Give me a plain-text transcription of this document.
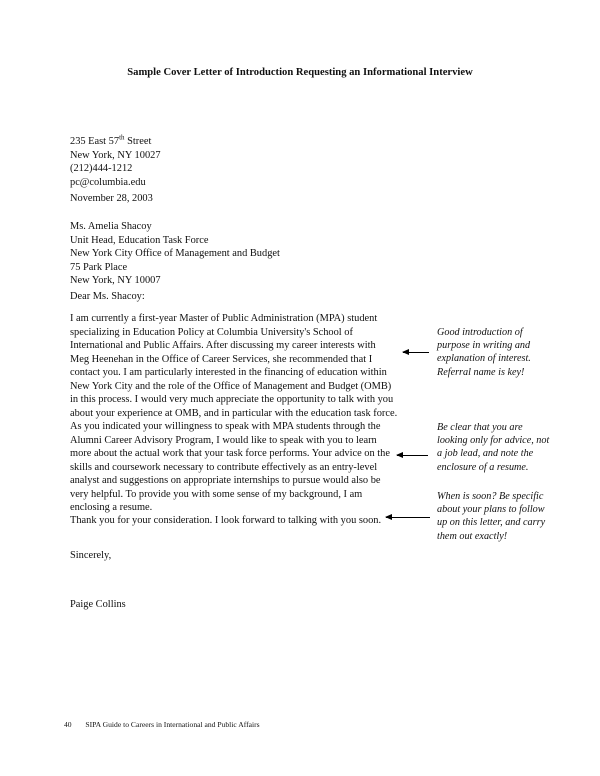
Sample Cover Letter of Introduction Requesting an Informational Interview
235 East 57th Street
New York, NY 10027
(212)444-1212
pc@columbia.edu
November 28, 2003
Ms. Amelia Shacoy
Unit Head, Education Task Force
New York City Office of Management and Budget
75 Park Place
New York, NY 10007
Dear Ms. Shacoy:
I am currently a first-year Master of Public Administration (MPA) student
specializing in Education Policy at Columbia University's School of
International and Public Affairs. After discussing my career interests with
Meg Heenehan in the Office of Career Services, she recommended that I
contact you. I am particularly interested in the financing of education within
New York City and the role of the Office of Management and Budget (OMB)
in this process. I would very much appreciate the opportunity to talk with you
about your experience at OMB, and in particular with the education task force.
As you indicated your willingness to speak with MPA students through the
Alumni Career Advisory Program, I would like to speak with you to learn
more about the actual work that your task force performs. Your advice on the
skills and coursework necessary to contribute effectively as an entry-level
analyst and suggestions on appropriate internships to pursue would also be
very helpful. To provide you with some sense of my background, I am
enclosing a resume.
Thank you for your consideration. I look forward to talking with you soon.
Sincerely,
Paige Collins
Good introduction of
purpose in writing and
explanation of interest.
Referral name is key!
Be clear that you are
looking only for advice, not
a job lead, and note the
enclosure of a resume.
When is soon? Be specific
about your plans to follow
up on this letter, and carry
them out exactly!
40 SIPA Guide to Careers in International and Public Affairs
